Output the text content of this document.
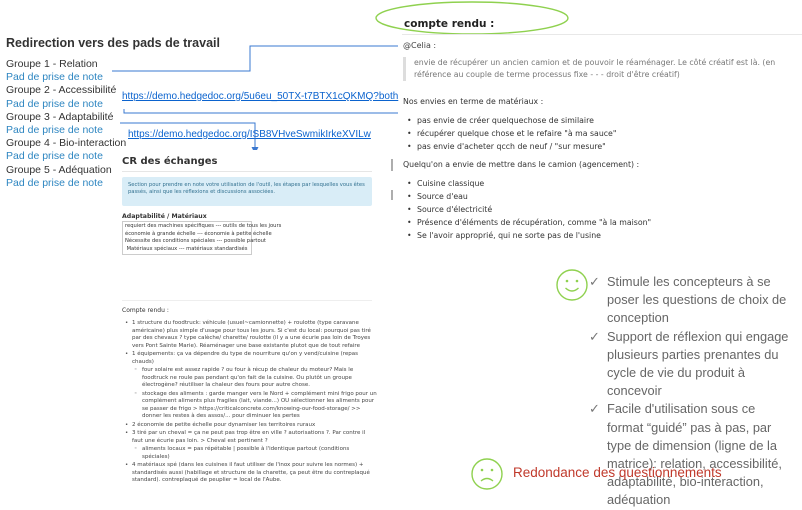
Redirection vers des pads de travail
Groupe 1 - Relation
Pad de prise de note
Groupe 2 - Accessibilité
Pad de prise de note
Groupe 3 - Adaptabilité
Pad de prise de note
Groupe 4 - Bio-interaction
Pad de prise de note
Groupe 5 - Adéquation
Pad de prise de note
https://demo.hedgedoc.org/5u6eu_50TX-t7BTX1cQKMQ?both
https://demo.hedgedoc.org/ISB8VHveSwmikIrkeXVILw
CR des échanges
Section pour prendre en note votre utilisation de l'outil, les étapes par lesquelles vous êtes passés, ainsi que les réflexions et discussions associées.
Adaptabilité / Matériaux
requiert des machines spécifiques --- outils de tous les jours
économie à grande échelle --- économie à petite échelle
Nécessite des conditions spéciales --- possible partout
Matériaux spéciaux --- matériaux standardisés
Compte rendu :
• 1 structure du foodtruck: véhicule (usuel~camionnette) + roulotte (type caravane américaine) plus simple d'usage pour tous les jours. Si c'est du local: pourquoi pas tiré par des chevaux ? type calèche/ charette/ roulotte (il y a une écurie pas loin de Troyes vers Pont Sainte Marie). Réaménager une base existante plutot que de tout refaire
• 1 équipements: ça va dépendre du type de nourriture qu'on y vend/cuisine (repas chauds)
◦ four solaire est assez rapide ? ou four à récup de chaleur du moteur? Mais le foodtruck ne roule pas pendant qu'on fait de la cuisine. Ou plutôt un groupe électrogène? réutiliser la chaleur des fours pour autre chose.
◦ stockage des aliments : garde manger vers le Nord + complément mini frigo pour un complément aliments plus fragiles (lait, viande...) OU sélectionner les aliments pour se passer de frigo > https://criticalconcrete.com/knowing-our-food-storage/ >> donner les restes à des assos/... pour diminuer les pertes
• 2 économie de petite échelle pour dynamiser les territoires ruraux
• 3 tiré par un cheval = ça ne peut pas trop être en ville ? autorisations ?. Par contre il faut une écurie pas loin. > Cheval est pertinent ?
◦ aliments locaux = pas répétable | possible à l'identique partout (conditions spéciales)
• 4 matériaux spé (dans les cuisines il faut utiliser de l'inox pour suivre les normes) + standardisés aussi (habillage et structure de la charette, ça peut être du contreplaqué standard). contreplaqué de peuplier = local de l'Aube.
compte rendu :
@Celia :
envie de récupérer un ancien camion et de pouvoir le réaménager. Le côté créatif est là. (en référence au couple de terme processus fixe - - - droit d'être créatif)

Nos envies en terme de matériaux :

• pas envie de créer quelquechose de similaire
• récupérer quelque chose et le refaire "à ma sauce"
• pas envie d'acheter qcch de neuf / "sur mesure"

Quelqu'on a envie de mettre dans le camion (agencement) :

• Cuisine classique
• Source d'eau
• Source d'électricité
• Présence d'éléments de récupération, comme "à la maison"
• Se l'avoir approprié, qui ne sorte pas de l'usine
✓ Stimule les concepteurs à se poser les questions de choix de conception
✓ Support de réflexion qui engage plusieurs parties prenantes du cycle de vie du produit à concevoir
✓ Facile d'utilisation sous ce format “guidé” pas à pas, par type de dimension (ligne de la matrice): relation, accessibilité, adaptabilité, bio-interaction, adéquation
Redondance des questionnements
